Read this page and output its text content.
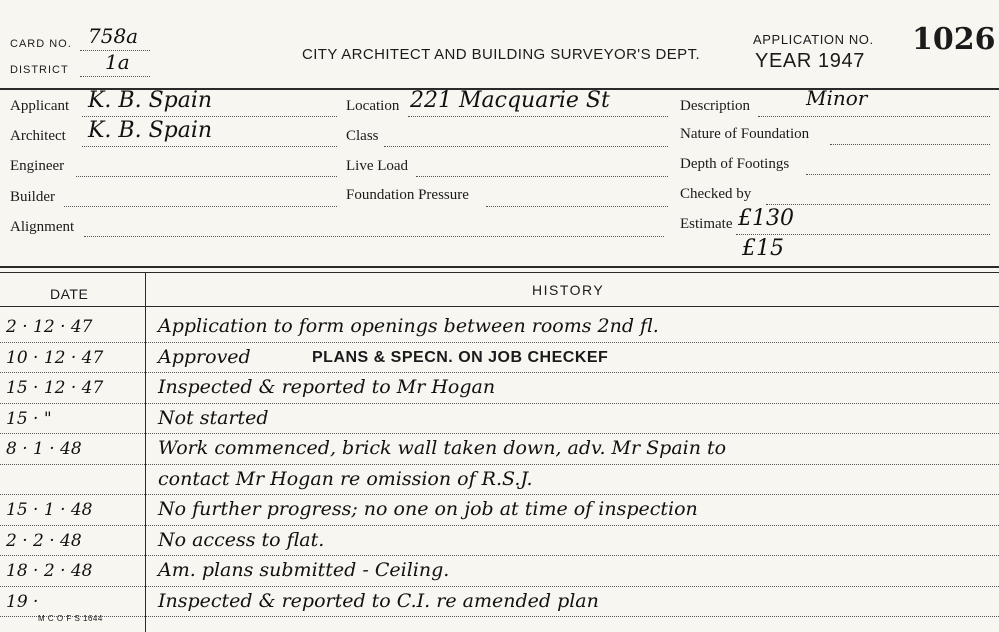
CARD NO. 758a
DISTRICT 1a	CITY ARCHITECT AND BUILDING SURVEYOR'S DEPT.
APPLICATION NO. 1026
YEAR 1947
Applicant K. B. Spain
Architect K. B. Spain
Engineer
Builder
Alignment
Location 221 Macquarie St
Class
Live Load
Foundation Pressure
Description	Minor
Nature of Foundation
Depth of Footings
Checked by
Estimate £130
£15
DATE	HISTORY
2 · 12 · 47	Application to form openings between rooms 2nd fl.
10 · 12 · 47	Approved	PLANS & SPECN. ON JOB CHECKEF
15 · 12 · 47	Inspected & reported to Mr Hogan
15 · "	Not started
8 · 1 · 48	Work commenced, brick wall taken down, adv. Mr Spain to
contact Mr Hogan re omission of R.S.J.
15 · 1 · 48	No further progress; no one on job at time of inspection
2 · 2 · 48	No access to flat.
18 · 2 · 48	Am. plans submitted - Ceiling.
19 ·	Inspected & reported to C.I. re amended plan
M C O F S 1644
